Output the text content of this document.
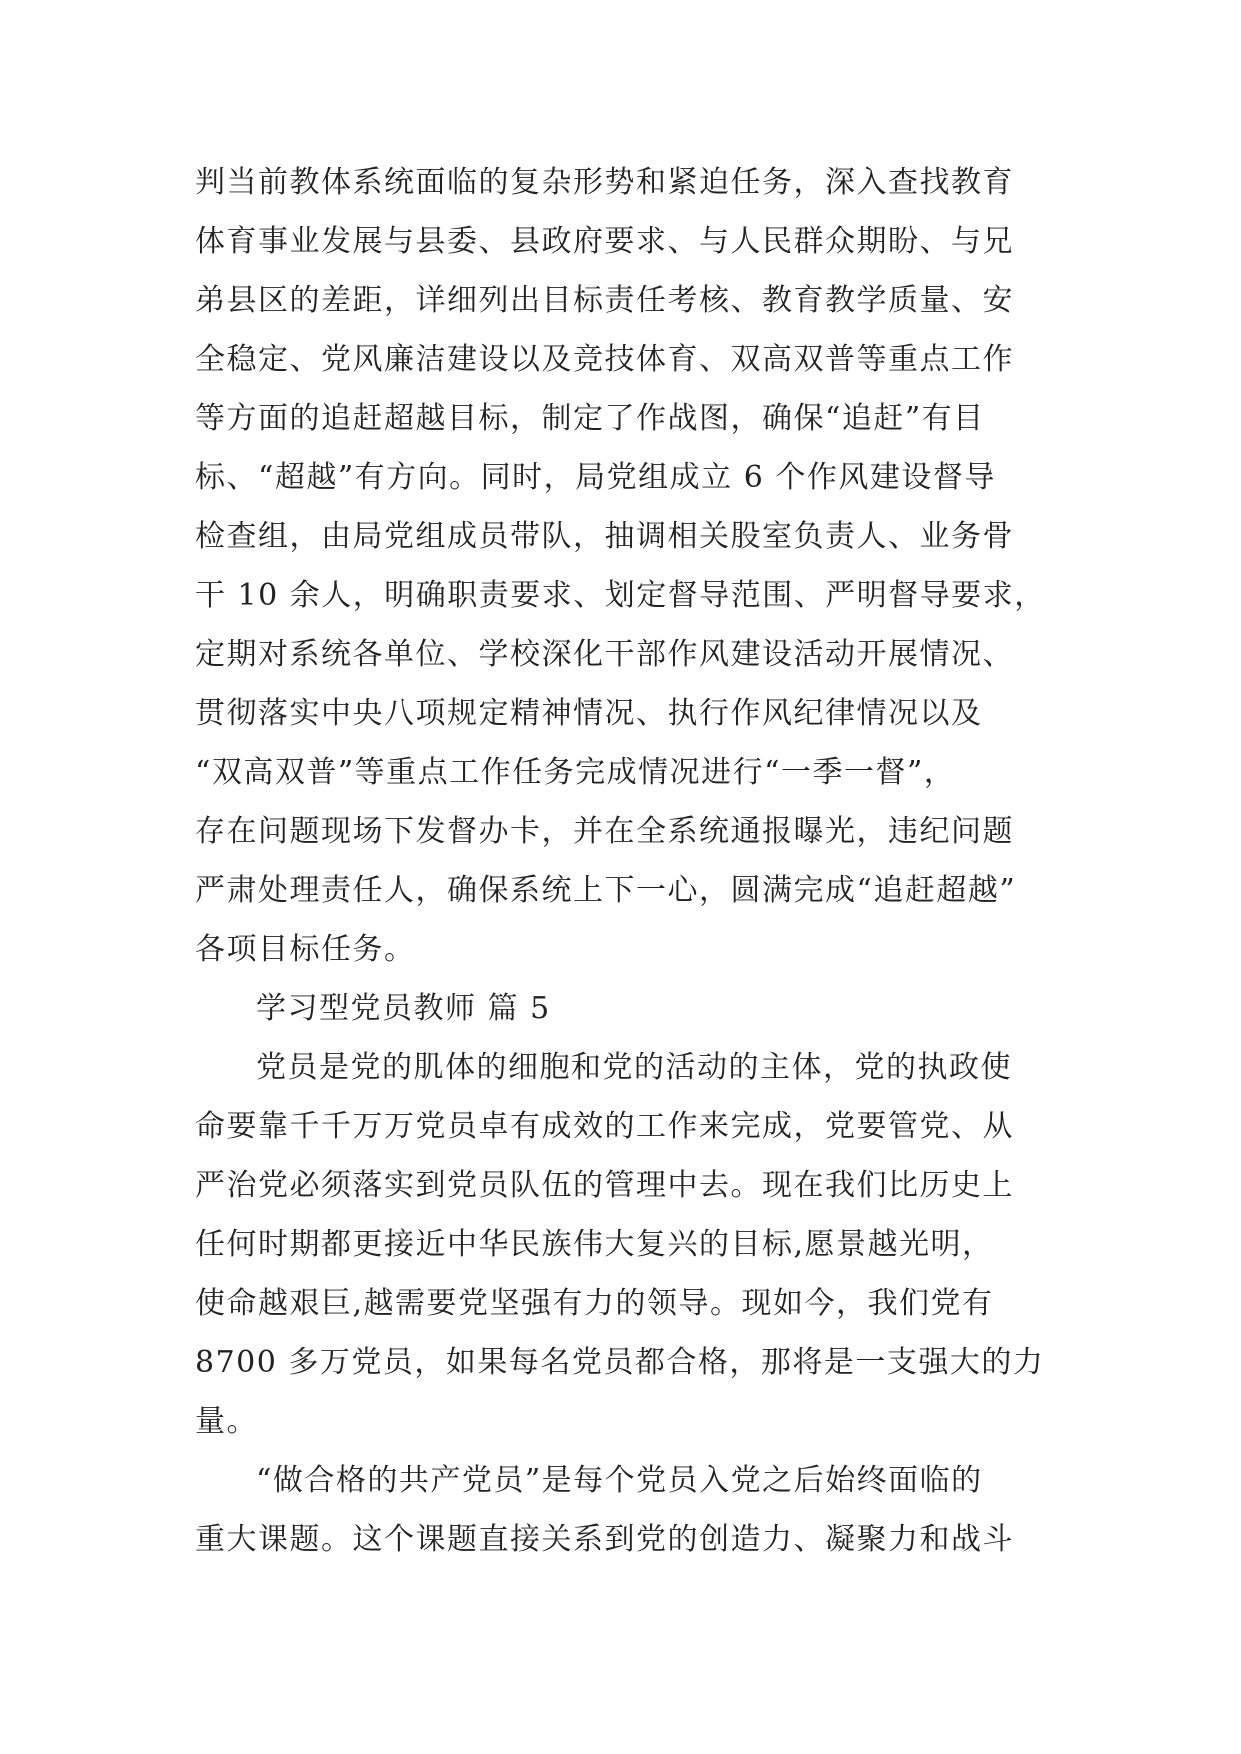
判当前教体系统面临的复杂形势和紧迫任务，深入查找教育
体育事业发展与县委、县政府要求、与人民群众期盼、与兄
弟县区的差距，详细列出目标责任考核、教育教学质量、安
全稳定、党风廉洁建设以及竞技体育、双高双普等重点工作
等方面的追赶超越目标，制定了作战图，确保“追赶”有目
标、“超越”有方向。同时，局党组成立 6 个作风建设督导
检查组，由局党组成员带队，抽调相关股室负责人、业务骨
干 10 余人，明确职责要求、划定督导范围、严明督导要求，
定期对系统各单位、学校深化干部作风建设活动开展情况、
贯彻落实中央八项规定精神情况、执行作风纪律情况以及
“双高双普”等重点工作任务完成情况进行“一季一督”，
存在问题现场下发督办卡，并在全系统通报曝光，违纪问题
严肃处理责任人，确保系统上下一心，圆满完成“追赶超越”
各项目标任务。
学习型党员教师 篇 5
党员是党的肌体的细胞和党的活动的主体，党的执政使
命要靠千千万万党员卓有成效的工作来完成，党要管党、从
严治党必须落实到党员队伍的管理中去。现在我们比历史上
任何时期都更接近中华民族伟大复兴的目标,愿景越光明，
使命越艰巨,越需要党坚强有力的领导。现如今，我们党有
8700 多万党员，如果每名党员都合格，那将是一支强大的力
量。
“做合格的共产党员”是每个党员入党之后始终面临的
重大课题。这个课题直接关系到党的创造力、凝聚力和战斗
